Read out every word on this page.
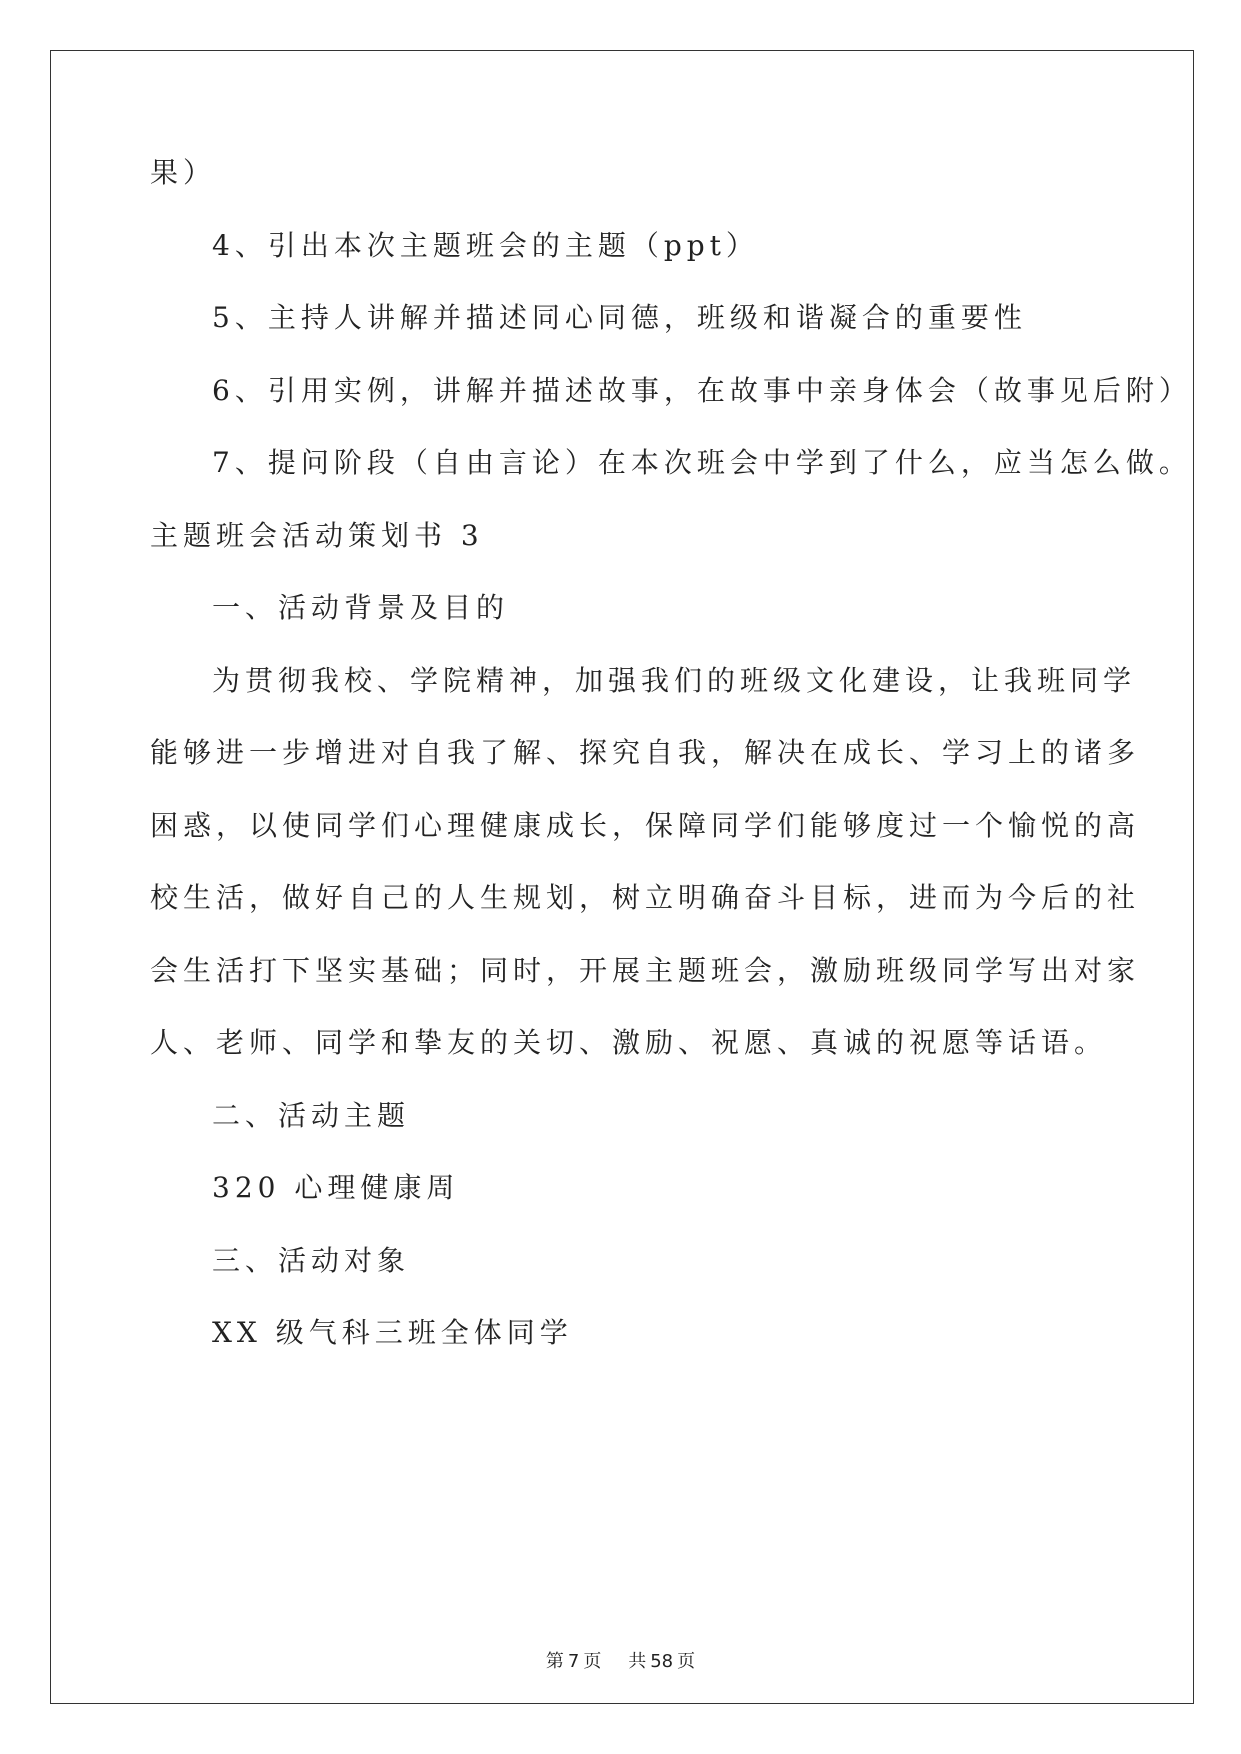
果）

4、引出本次主题班会的主题（ppt）

5、主持人讲解并描述同心同德，班级和谐凝合的重要性

6、引用实例，讲解并描述故事，在故事中亲身体会（故事见后附）

7、提问阶段（自由言论）在本次班会中学到了什么，应当怎么做。

主题班会活动策划书 3

一、活动背景及目的

为贯彻我校、学院精神，加强我们的班级文化建设，让我班同学

能够进一步增进对自我了解、探究自我，解决在成长、学习上的诸多

困惑，以使同学们心理健康成长，保障同学们能够度过一个愉悦的高

校生活，做好自己的人生规划，树立明确奋斗目标，进而为今后的社

会生活打下坚实基础；同时，开展主题班会，激励班级同学写出对家

人、老师、同学和挚友的关切、激励、祝愿、真诚的祝愿等话语。

二、活动主题

320 心理健康周

三、活动对象

XX 级气科三班全体同学

第 7 页 共 58 页
